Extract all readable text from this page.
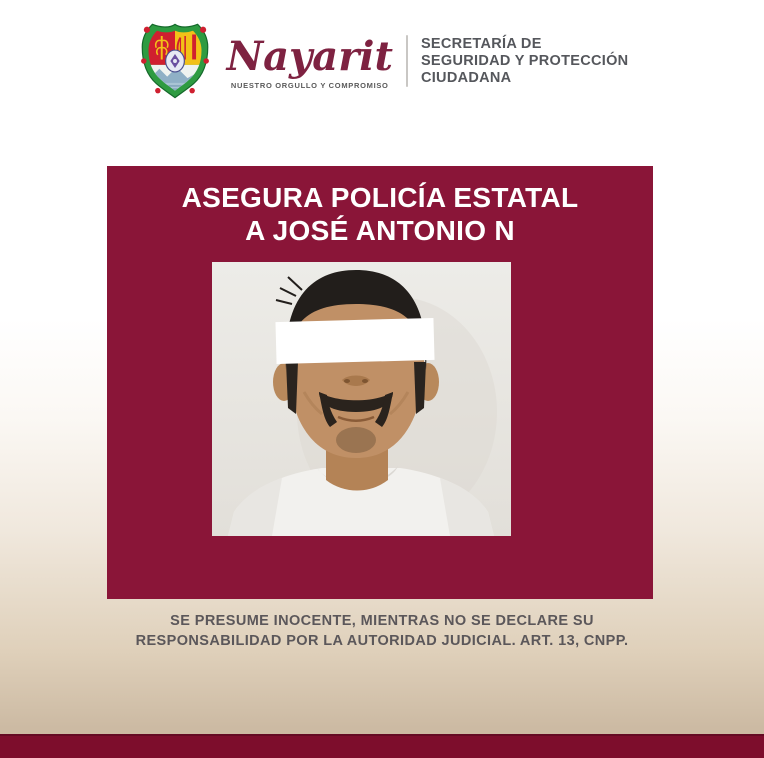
Nayarit
NUESTRO ORGULLO Y COMPROMISO
SECRETARÍA DE
SEGURIDAD Y PROTECCIÓN
CIUDADANA
ASEGURA POLICÍA ESTATAL
A JOSÉ ANTONIO N
SE PRESUME INOCENTE, MIENTRAS NO SE DECLARE SU
RESPONSABILIDAD POR LA AUTORIDAD JUDICIAL. ART. 13, CNPP.
